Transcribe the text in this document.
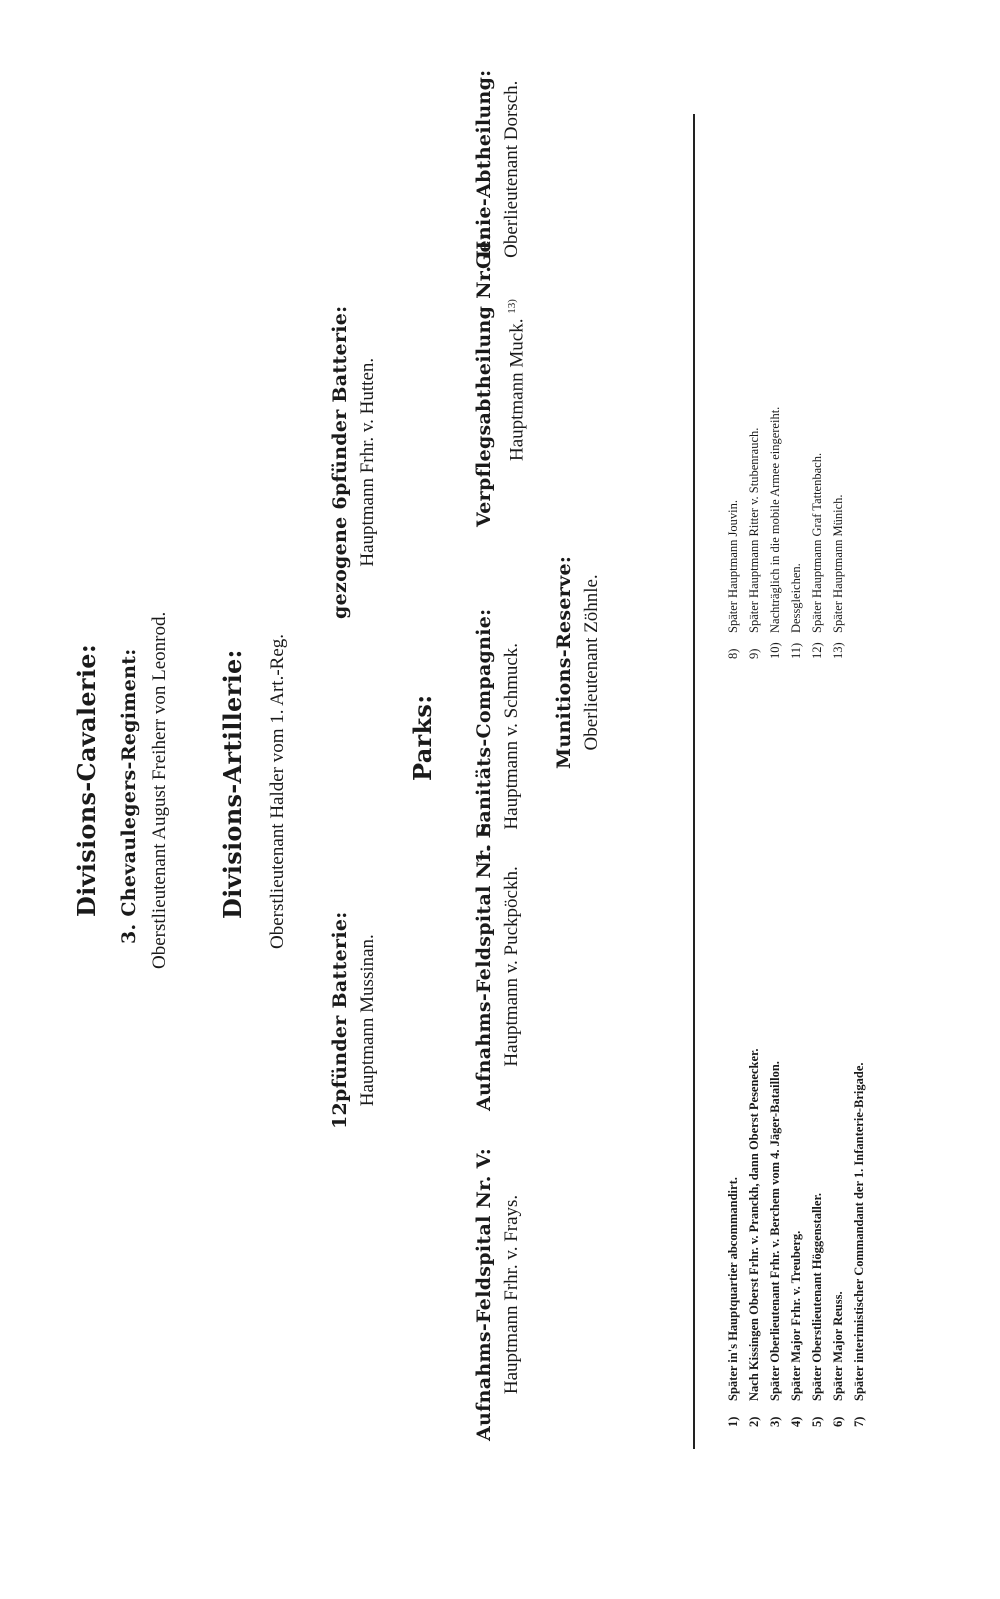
Divisions-Cavalerie: 3. Chevaulegers-Regiment: Oberstlieutenant August Freiherr von Leonrod. Divisions-Artillerie: Oberstlieutenant Halder vom 1. Art.-Reg.
12pfünder Batterie: Hauptmann Mussinan.
gezogene 6pfünder Batterie: Hauptmann Frhr. v. Hutten.
Parks:
Aufnahms-Feldspital Nr. V: Hauptmann Frhr. v. Frays.
Aufnahms-Feldspital Nr. I: Hauptmann v. Puckpöckh.
1. Sanitäts-Compagnie: Hauptmann v. Schmuck.
Verpflegsabtheilung Nr. II: Hauptmann Muck. $^{13)}$
Genie-Abtheilung: Oberlieutenant Dorsch.
Munitions-Reserve: Oberlieutenant Zöhnle.
1)Später in's Hauptquartier abcommandirt.
2)Nach Kissingen Oberst Frhr. v. Pranckh, dann Oberst Pesenecker.
3)Später Oberlieutenant Frhr. v. Berchem vom 4. Jäger-Bataillon.
4)Später Major Frhr. v. Treuberg.
5)Später Oberstlieutenant Höggenstaller.
6)Später Major Reuss.
7)Später interimistischer Commandant der 1. Infanterie-Brigade.
8)Später Hauptmann Jouvin.
9)Später Hauptmann Ritter v. Stubenrauch.
10)Nachträglich in die mobile Armee eingereiht.
11)Dessgleichen.
12)Später Hauptmann Graf Tattenbach.
13)Später Hauptmann Münich.
